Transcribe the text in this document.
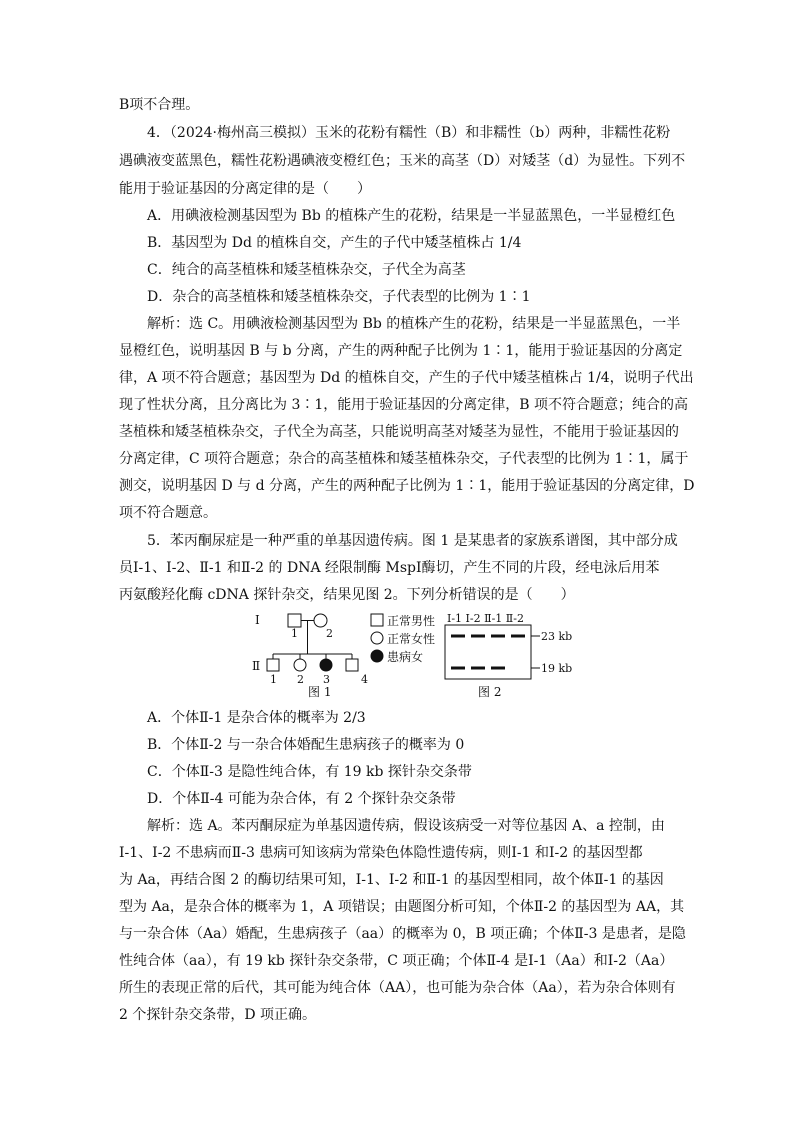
B项不合理。
4．（2024·梅州高三模拟）玉米的花粉有糯性（B）和非糯性（b）两种，非糯性花粉
遇碘液变蓝黑色，糯性花粉遇碘液变橙红色；玉米的高茎（D）对矮茎（d）为显性。下列不
能用于验证基因的分离定律的是（　　）
A．用碘液检测基因型为 Bb 的植株产生的花粉，结果是一半显蓝黑色，一半显橙红色
B．基因型为 Dd 的植株自交，产生的子代中矮茎植株占 1/4
C．纯合的高茎植株和矮茎植株杂交，子代全为高茎
D．杂合的高茎植株和矮茎植株杂交，子代表型的比例为 1∶1
解析：选 C。用碘液检测基因型为 Bb 的植株产生的花粉，结果是一半显蓝黑色，一半
显橙红色，说明基因 B 与 b 分离，产生的两种配子比例为 1∶1，能用于验证基因的分离定
律，A 项不符合题意；基因型为 Dd 的植株自交，产生的子代中矮茎植株占 1/4，说明子代出
现了性状分离，且分离比为 3∶1，能用于验证基因的分离定律，B 项不符合题意；纯合的高
茎植株和矮茎植株杂交，子代全为高茎，只能说明高茎对矮茎为显性，不能用于验证基因的
分离定律，C 项符合题意；杂合的高茎植株和矮茎植株杂交，子代表型的比例为 1∶1，属于
测交，说明基因 D 与 d 分离，产生的两种配子比例为 1∶1，能用于验证基因的分离定律，D
项不符合题意。
5．苯丙酮尿症是一种严重的单基因遗传病。图 1 是某患者的家族系谱图，其中部分成
员Ⅰ-1、Ⅰ-2、Ⅱ-1 和Ⅱ-2 的 DNA 经限制酶 MspⅠ酶切，产生不同的片段，经电泳后用苯
丙氨酸羟化酶 cDNA 探针杂交，结果见图 2。下列分析错误的是（　　）
Ⅰ
1	2
Ⅱ
1 2 3	4
图 1
正常男性
正常女性
患病女
Ⅰ-1 Ⅰ-2 Ⅱ-1 Ⅱ-2
23 kb
19 kb
图 2
A．个体Ⅱ-1 是杂合体的概率为 2/3
B．个体Ⅱ-2 与一杂合体婚配生患病孩子的概率为 0
C．个体Ⅱ-3 是隐性纯合体，有 19 kb 探针杂交条带
D．个体Ⅱ-4 可能为杂合体，有 2 个探针杂交条带
解析：选 A。苯丙酮尿症为单基因遗传病，假设该病受一对等位基因 A、a 控制，由
Ⅰ-1、Ⅰ-2 不患病而Ⅱ-3 患病可知该病为常染色体隐性遗传病，则Ⅰ-1 和Ⅰ-2 的基因型都
为 Aa，再结合图 2 的酶切结果可知，Ⅰ-1、Ⅰ-2 和Ⅱ-1 的基因型相同，故个体Ⅱ-1 的基因
型为 Aa，是杂合体的概率为 1，A 项错误；由题图分析可知，个体Ⅱ-2 的基因型为 AA，其
与一杂合体（Aa）婚配，生患病孩子（aa）的概率为 0，B 项正确；个体Ⅱ-3 是患者，是隐
性纯合体（aa），有 19 kb 探针杂交条带，C 项正确；个体Ⅱ-4 是Ⅰ-1（Aa）和Ⅰ-2（Aa）
所生的表现正常的后代，其可能为纯合体（AA），也可能为杂合体（Aa），若为杂合体则有
2 个探针杂交条带，D 项正确。
